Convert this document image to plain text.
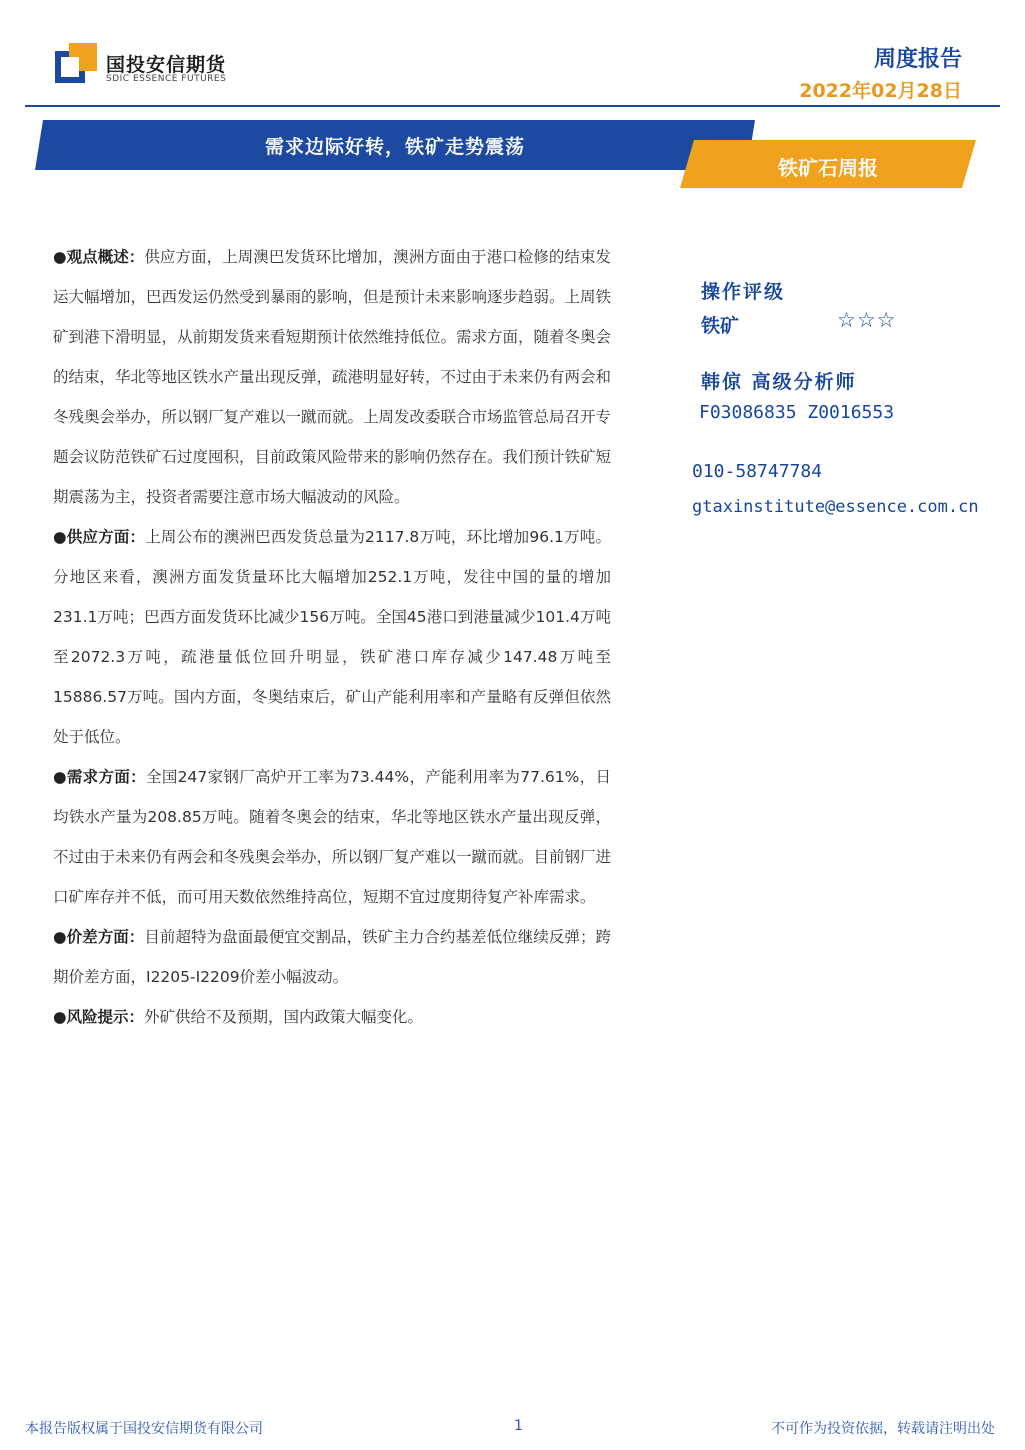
国投安信期货
SDIC ESSENCE FUTURES
周度报告
2022年02月28日
需求边际好转，铁矿走势震荡
铁矿石周报

●观点概述：供应方面，上周澳巴发货环比增加，澳洲方面由于港口检修的结束发运大幅增加，巴西发运仍然受到暴雨的影响，但是预计未来影响逐步趋弱。上周铁矿到港下滑明显，从前期发货来看短期预计依然维持低位。需求方面，随着冬奥会的结束，华北等地区铁水产量出现反弹，疏港明显好转，不过由于未来仍有两会和冬残奥会举办，所以钢厂复产难以一蹴而就。上周发改委联合市场监管总局召开专题会议防范铁矿石过度囤积，目前政策风险带来的影响仍然存在。我们预计铁矿短期震荡为主，投资者需要注意市场大幅波动的风险。

●供应方面：上周公布的澳洲巴西发货总量为2117.8万吨，环比增加96.1万吨。分地区来看，澳洲方面发货量环比大幅增加252.1万吨，发往中国的量的增加231.1万吨；巴西方面发货环比减少156万吨。全国45港口到港量减少101.4万吨至2072.3万吨，疏港量低位回升明显，铁矿港口库存减少147.48万吨至15886.57万吨。国内方面，冬奥结束后，矿山产能利用率和产量略有反弹但依然处于低位。

●需求方面：全国247家钢厂高炉开工率为73.44%，产能利用率为77.61%，日均铁水产量为208.85万吨。随着冬奥会的结束，华北等地区铁水产量出现反弹，不过由于未来仍有两会和冬残奥会举办，所以钢厂复产难以一蹴而就。目前钢厂进口矿库存并不低，而可用天数依然维持高位，短期不宜过度期待复产补库需求。

●价差方面：目前超特为盘面最便宜交割品，铁矿主力合约基差低位继续反弹；跨期价差方面，I2205-I2209价差小幅波动。

●风险提示：外矿供给不及预期，国内政策大幅变化。

操作评级
铁矿	☆☆☆
韩倞 高级分析师
F03086835 Z0016553
010-58747784
gtaxinstitute@essence.com.cn
本报告版权属于国投安信期货有限公司	1	不可作为投资依据，转载请注明出处
